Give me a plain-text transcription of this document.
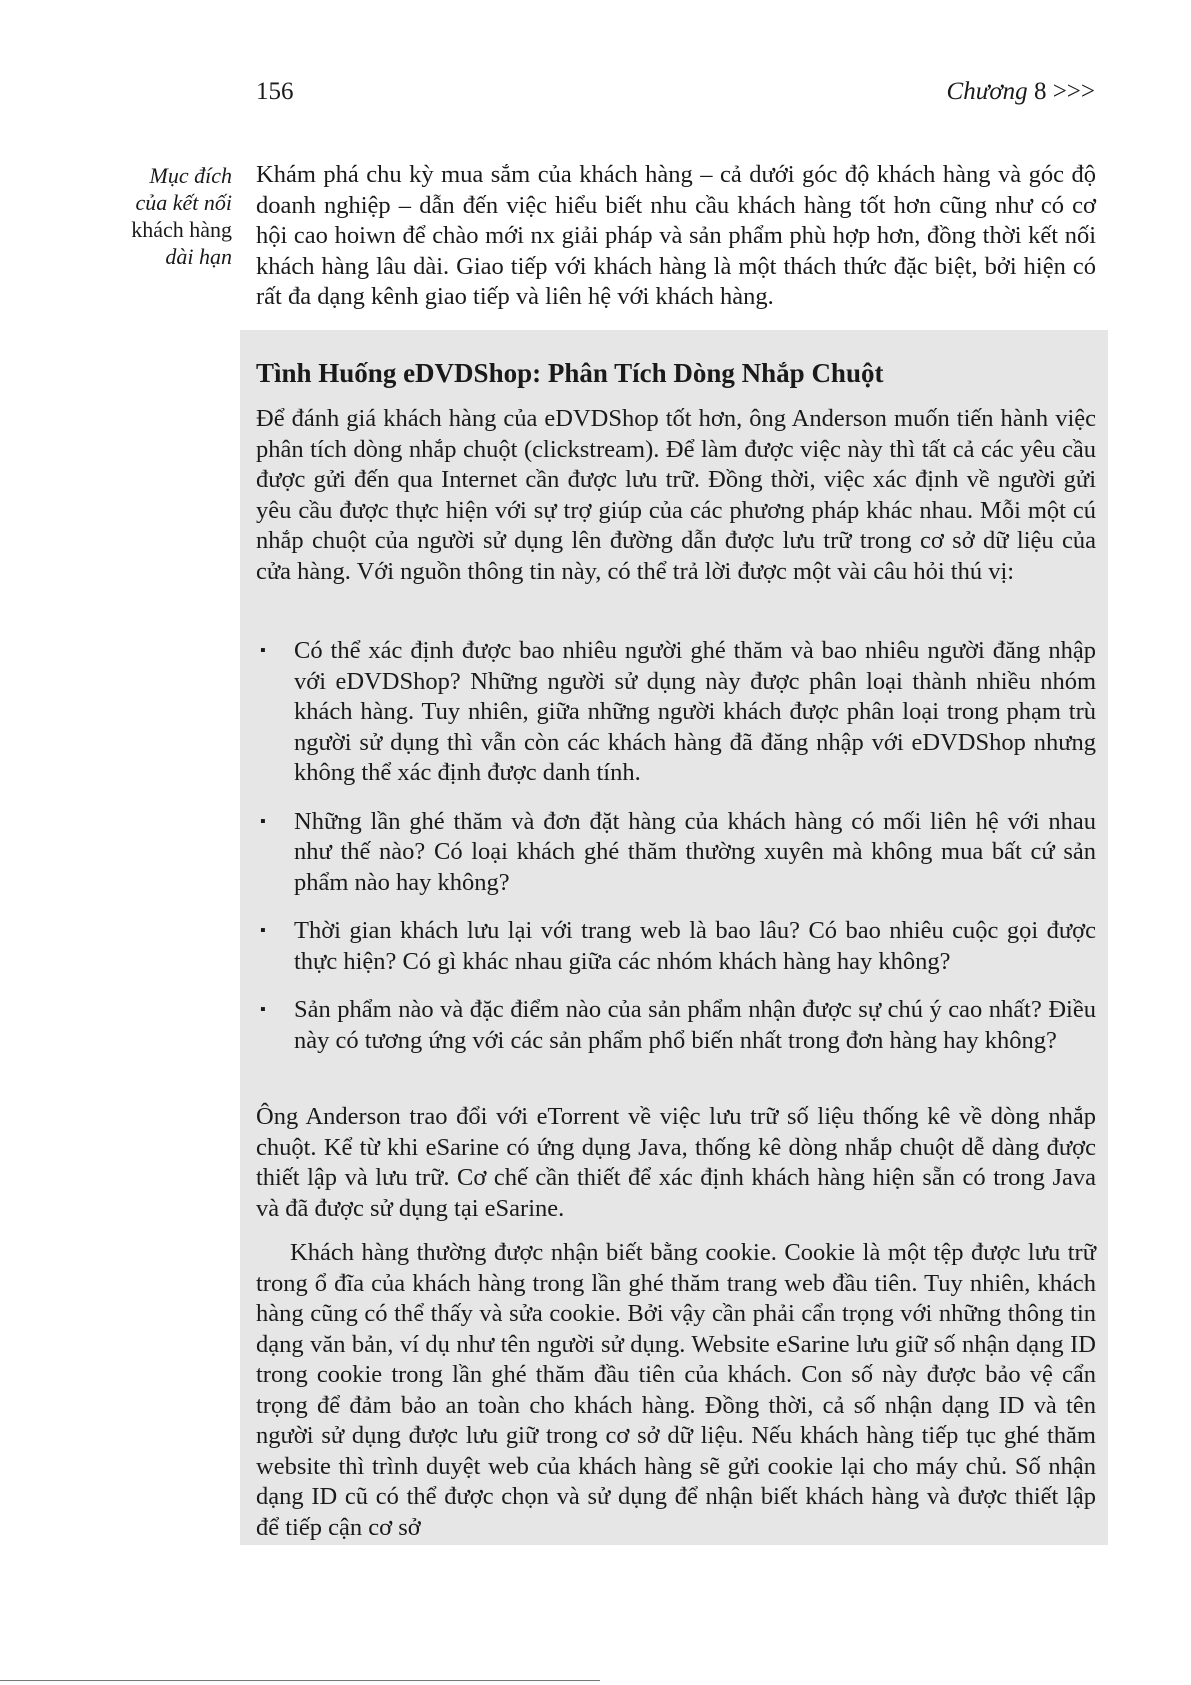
156	Chương 8 >>>
Mục đích
của kết nối
khách hàng
dài hạn

Khám phá chu kỳ mua sắm của khách hàng – cả dưới góc độ khách hàng và góc độ doanh nghiệp – dẫn đến việc hiểu biết nhu cầu khách hàng tốt hơn cũng như có cơ hội cao hoiwn để chào mới nx giải pháp và sản phẩm phù hợp hơn, đồng thời kết nối khách hàng lâu dài. Giao tiếp với khách hàng là một thách thức đặc biệt, bởi hiện có rất đa dạng kênh giao tiếp và liên hệ với khách hàng.

Tình Huống eDVDShop: Phân Tích Dòng Nhắp Chuột

Để đánh giá khách hàng của eDVDShop tốt hơn, ông Anderson muốn tiến hành việc phân tích dòng nhắp chuột (clickstream). Để làm được việc này thì tất cả các yêu cầu được gửi đến qua Internet cần được lưu trữ. Đồng thời, việc xác định về người gửi yêu cầu được thực hiện với sự trợ giúp của các phương pháp khác nhau. Mỗi một cú nhắp chuột của người sử dụng lên đường dẫn được lưu trữ trong cơ sở dữ liệu của cửa hàng. Với nguồn thông tin này, có thể trả lời được một vài câu hỏi thú vị:

▪ Có thể xác định được bao nhiêu người ghé thăm và bao nhiêu người đăng nhập với eDVDShop? Những người sử dụng này được phân loại thành nhiều nhóm khách hàng. Tuy nhiên, giữa những người khách được phân loại trong phạm trù người sử dụng thì vẫn còn các khách hàng đã đăng nhập với eDVDShop nhưng không thể xác định được danh tính.
▪ Những lần ghé thăm và đơn đặt hàng của khách hàng có mối liên hệ với nhau như thế nào? Có loại khách ghé thăm thường xuyên mà không mua bất cứ sản phẩm nào hay không?
▪ Thời gian khách lưu lại với trang web là bao lâu? Có bao nhiêu cuộc gọi được thực hiện? Có gì khác nhau giữa các nhóm khách hàng hay không?
▪ Sản phẩm nào và đặc điểm nào của sản phẩm nhận được sự chú ý cao nhất? Điều này có tương ứng với các sản phẩm phổ biến nhất trong đơn hàng hay không?

Ông Anderson trao đổi với eTorrent về việc lưu trữ số liệu thống kê về dòng nhắp chuột. Kể từ khi eSarine có ứng dụng Java, thống kê dòng nhắp chuột dễ dàng được thiết lập và lưu trữ. Cơ chế cần thiết để xác định khách hàng hiện sẵn có trong Java và đã được sử dụng tại eSarine.

Khách hàng thường được nhận biết bằng cookie. Cookie là một tệp được lưu trữ trong ổ đĩa của khách hàng trong lần ghé thăm trang web đầu tiên. Tuy nhiên, khách hàng cũng có thể thấy và sửa cookie. Bởi vậy cần phải cẩn trọng với những thông tin dạng văn bản, ví dụ như tên người sử dụng. Website eSarine lưu giữ số nhận dạng ID trong cookie trong lần ghé thăm đầu tiên của khách. Con số này được bảo vệ cẩn trọng để đảm bảo an toàn cho khách hàng. Đồng thời, cả số nhận dạng ID và tên người sử dụng được lưu giữ trong cơ sở dữ liệu. Nếu khách hàng tiếp tục ghé thăm website thì trình duyệt web của khách hàng sẽ gửi cookie lại cho máy chủ. Số nhận dạng ID cũ có thể được chọn và sử dụng để nhận biết khách hàng và được thiết lập để tiếp cận cơ sở
